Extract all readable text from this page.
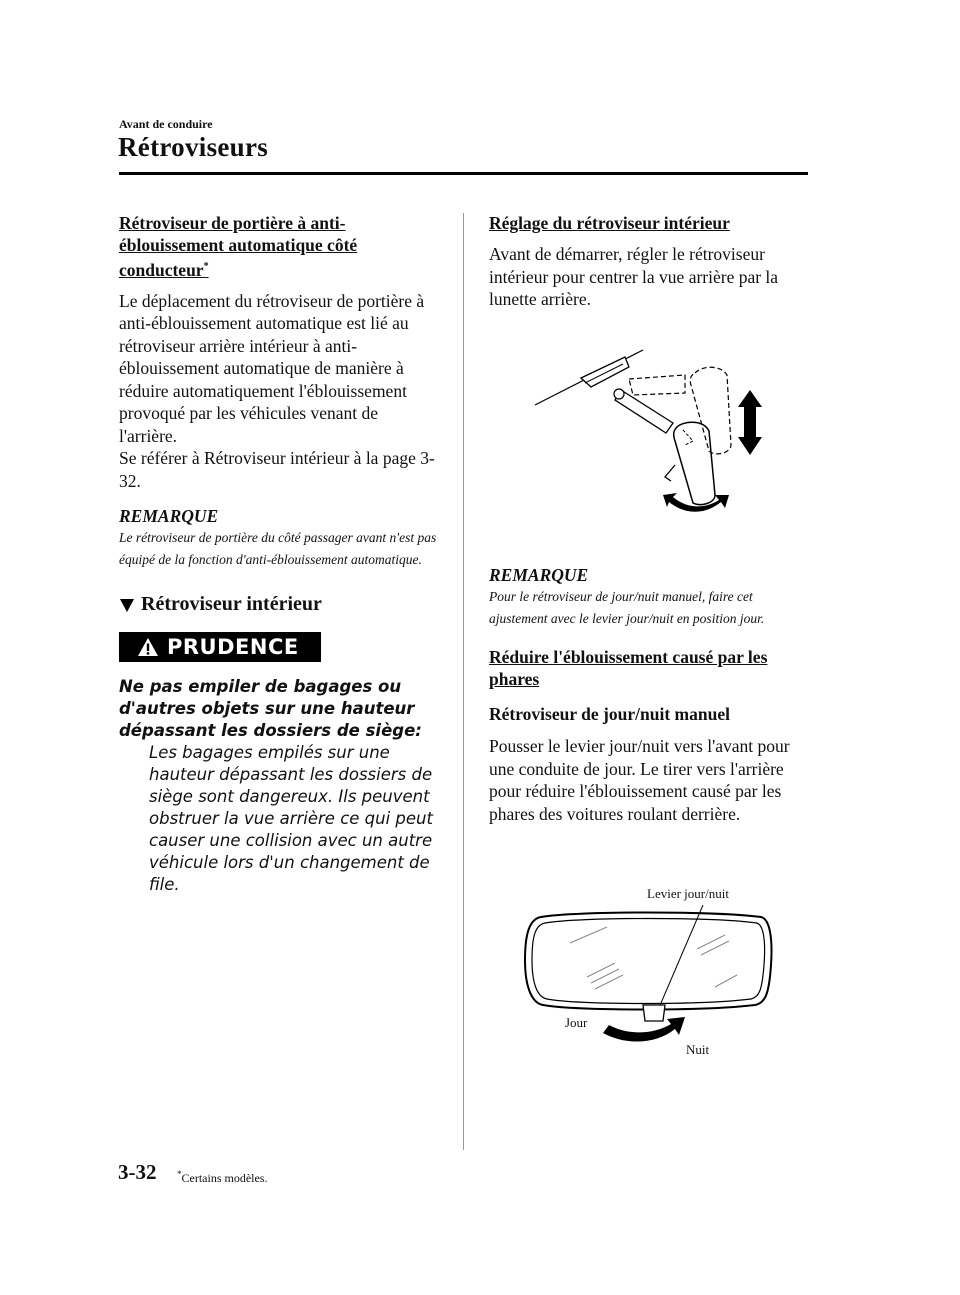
Avant de conduire
Rétroviseurs

Rétroviseur de portière à anti-éblouissement automatique côté conducteur*

Le déplacement du rétroviseur de portière à anti-éblouissement automatique est lié au rétroviseur arrière intérieur à anti-éblouissement automatique de manière à réduire automatiquement l'éblouissement provoqué par les véhicules venant de l'arrière.

Se référer à Rétroviseur intérieur à la page 3-32.

REMARQUE

Le rétroviseur de portière du côté passager avant n'est pas équipé de la fonction d'anti-éblouissement automatique.

Rétroviseur intérieur

PRUDENCE

Ne pas empiler de bagages ou d'autres objets sur une hauteur dépassant les dossiers de siège:

Les bagages empilés sur une hauteur dépassant les dossiers de siège sont dangereux. Ils peuvent obstruer la vue arrière ce qui peut causer une collision avec un autre véhicule lors d'un changement de file.

Réglage du rétroviseur intérieur

Avant de démarrer, régler le rétroviseur intérieur pour centrer la vue arrière par la lunette arrière.

REMARQUE

Pour le rétroviseur de jour/nuit manuel, faire cet ajustement avec le levier jour/nuit en position jour.

Réduire l'éblouissement causé par les phares

Rétroviseur de jour/nuit manuel

Pousser le levier jour/nuit vers l'avant pour une conduite de jour. Le tirer vers l'arrière pour réduire l'éblouissement causé par les phares des voitures roulant derrière.

Levier jour/nuit
Jour
Nuit
3-32 *Certains modèles.
